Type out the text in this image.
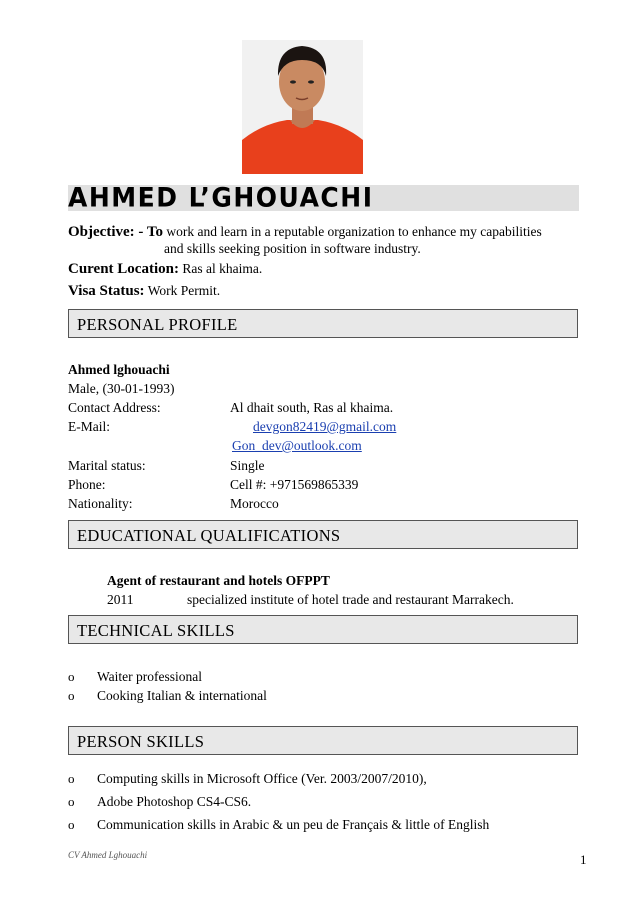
AHMED L’GHOUACHI
Objective: - To work and learn in a reputable organization to enhance my capabilities
and skills seeking position in software industry.
Curent Location: Ras al khaima.
Visa Status: Work Permit.
PERSONAL PROFILE
Ahmed lghouachi
Male, (30-01-1993)
Contact Address:	Al dhait south, Ras al khaima.
E-Mail:	devgon82419@gmail.com
Gon_dev@outlook.com
Marital status:	Single
Phone:	Cell #: +971569865339
Nationality:	Morocco
EDUCATIONAL QUALIFICATIONS
Agent of restaurant and hotels OFPPT
2011	specialized institute of hotel trade and restaurant Marrakech.
TECHNICAL SKILLS
o Waiter professional
o Cooking Italian & international
PERSON SKILLS
o Computing skills in Microsoft Office (Ver. 2003/2007/2010),
o Adobe Photoshop CS4-CS6.
o Communication skills in Arabic & un peu de Français & little of English
CV Ahmed Lghouachi	1
